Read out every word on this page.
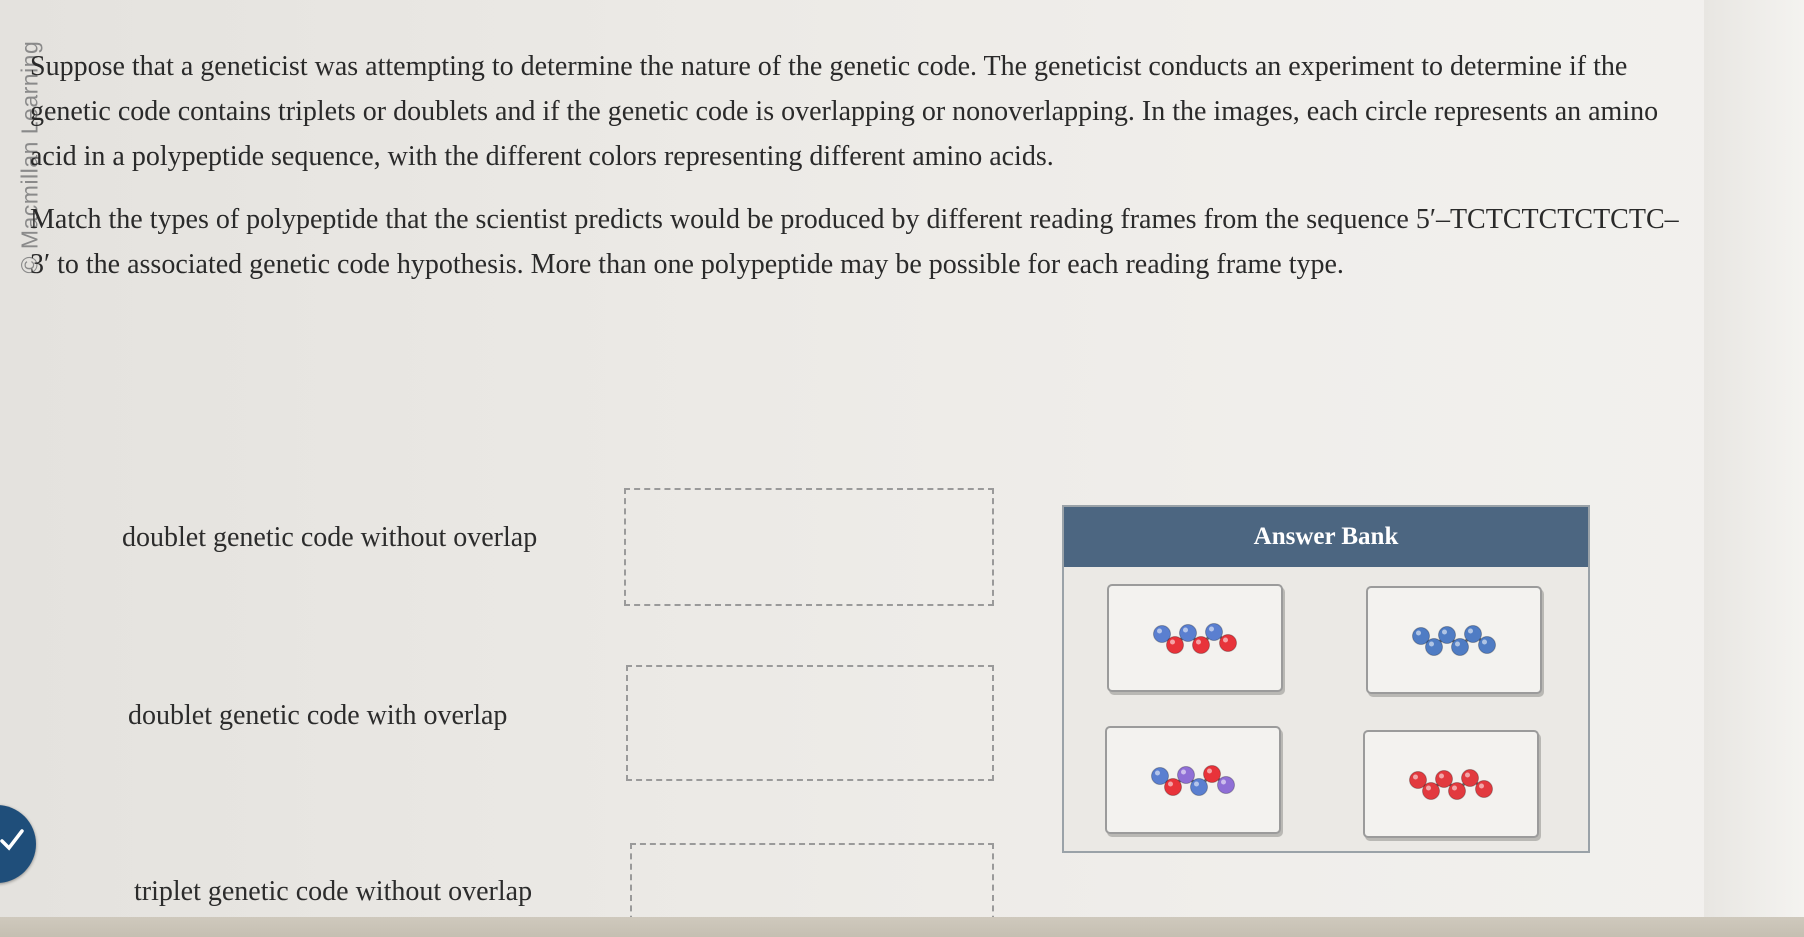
© Macmillan Learning

Suppose that a geneticist was attempting to determine the nature of the genetic code. The geneticist conducts an experiment to determine if the genetic code contains triplets or doublets and if the genetic code is overlapping or nonoverlapping. In the images, each circle represents an amino acid in a polypeptide sequence, with the different colors representing different amino acids.

Match the types of polypeptide that the scientist predicts would be produced by different reading frames from the sequence 5′–TCTCTCTCTCTC–3′ to the associated genetic code hypothesis. More than one polypeptide may be possible for each reading frame type.

doublet genetic code without overlap
doublet genetic code with overlap
triplet genetic code without overlap
Answer Bank
